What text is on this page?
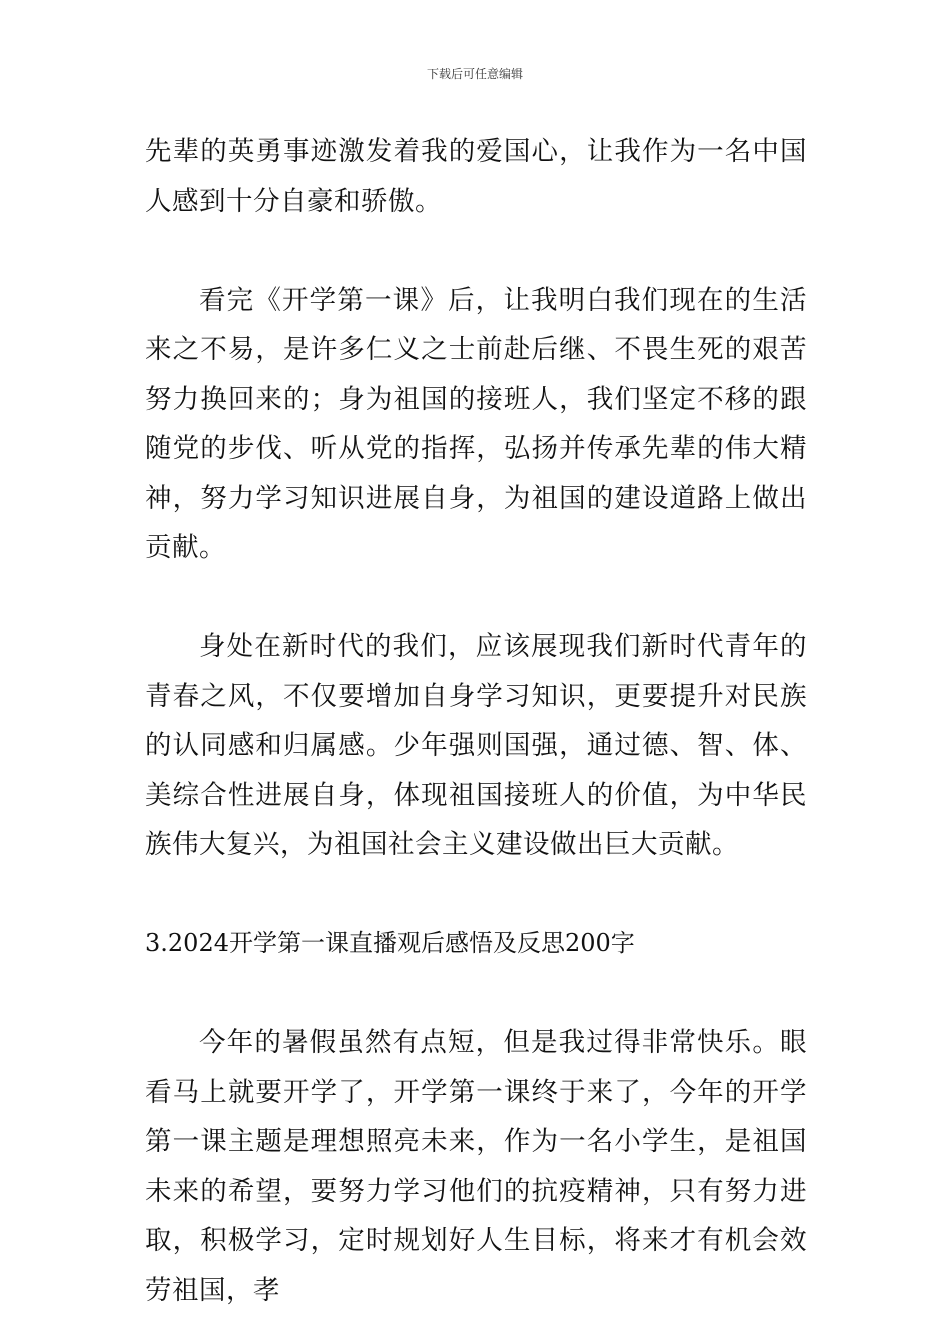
下载后可任意编辑

先辈的英勇事迹激发着我的爱国心，让我作为一名中国人感到十分自豪和骄傲。

看完《开学第一课》后，让我明白我们现在的生活来之不易，是许多仁义之士前赴后继、不畏生死的艰苦努力换回来的；身为祖国的接班人，我们坚定不移的跟随党的步伐、听从党的指挥，弘扬并传承先辈的伟大精神，努力学习知识进展自身，为祖国的建设道路上做出贡献。

身处在新时代的我们，应该展现我们新时代青年的青春之风，不仅要增加自身学习知识，更要提升对民族的认同感和归属感。少年强则国强，通过德、智、体、美综合性进展自身，体现祖国接班人的价值，为中华民族伟大复兴，为祖国社会主义建设做出巨大贡献。

3.2024开学第一课直播观后感悟及反思200字

今年的暑假虽然有点短，但是我过得非常快乐。眼看马上就要开学了，开学第一课终于来了，今年的开学第一课主题是理想照亮未来，作为一名小学生，是祖国未来的希望，要努力学习他们的抗疫精神，只有努力进取，积极学习，定时规划好人生目标，将来才有机会效劳祖国，孝
